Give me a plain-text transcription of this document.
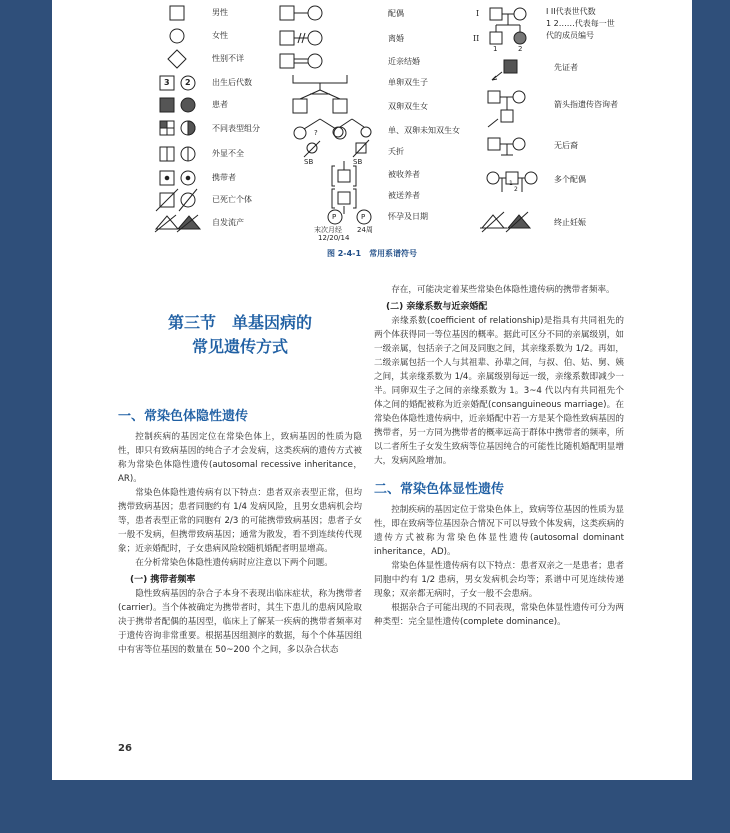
3 2
男性
女性
性别不详
出生后代数
患者
不同表型组分
外显不全
携带者
已死亡个体
自发流产
?
SB	SB
P	P
末次月经
12/20/14
24周
配偶
离婚
近亲结婚
单卵双生子
双卵双生女
单、双卵未知双生女
夭折
被收养者
被送养者
怀孕及日期
I
II
1	2
I II代表世代数
1 2……代表每一世
代的成员编号
1
2
先证者
箭头指遗传咨询者
无后裔
多个配偶
终止妊娠
图 2-4-1 常用系谱符号
第三节　单基因病的
常见遗传方式
一、常染色体隐性遗传

控制疾病的基因定位在常染色体上，致病基因的性质为隐性，即只有致病基因的纯合子才会发病，这类疾病的遗传方式被称为常染色体隐性遗传(autosomal recessive inheritance，AR)。

常染色体隐性遗传病有以下特点：患者双亲表型正常，但均携带致病基因；患者同胞约有 1/4 发病风险，且男女患病机会均等，患者表型正常的同胞有 2/3 的可能携带致病基因；患者子女一般不发病，但携带致病基因；通常为散发，看不到连续传代现象；近亲婚配时，子女患病风险较随机婚配者明显增高。

在分析常染色体隐性遗传病时应注意以下两个问题。

(一) 携带者频率

隐性致病基因的杂合子本身不表现出临床症状，称为携带者(carrier)。当个体被确定为携带者时，其生下患儿的患病风险取决于携带者配偶的基因型，临床上了解某一疾病的携带者频率对于遗传咨询非常重要。根据基因组测序的数据，每个个体基因组中有害等位基因的数量在 50~200 个之间，多以杂合状态

存在，可能决定着某些常染色体隐性遗传病的携带者频率。

(二) 亲缘系数与近亲婚配

亲缘系数(coefficient of relationship)是指具有共同祖先的两个体获得同一等位基因的概率。据此可区分不同的亲属级别，如一级亲属，包括亲子之间及同胞之间，其亲缘系数为 1/2。再如，二级亲属包括一个人与其祖辈、孙辈之间，与叔、伯、姑、舅、姨之间，其亲缘系数为 1/4。亲属级别每远一级，亲缘系数即减少一半。同卵双生子之间的亲缘系数为 1。3~4 代以内有共同祖先个体之间的婚配被称为近亲婚配(consanguineous marriage)。在常染色体隐性遗传病中，近亲婚配中若一方是某个隐性致病基因的携带者，另一方同为携带者的概率远高于群体中携带者的频率，所以二者所生子女发生致病等位基因纯合的可能性比随机婚配明显增大，发病风险增加。

二、常染色体显性遗传

控制疾病的基因定位于常染色体上，致病等位基因的性质为显性，即在致病等位基因杂合情况下可以导致个体发病，这类疾病的遗传方式被称为常染色体显性遗传(autosomal dominant inheritance，AD)。

常染色体显性遗传病有以下特点：患者双亲之一是患者；患者同胞中约有 1/2 患病，男女发病机会均等；系谱中可见连续传递现象；双亲都无病时，子女一般不会患病。

根据杂合子可能出现的不同表现，常染色体显性遗传可分为两种类型：完全显性遗传(complete dominance)。

26
